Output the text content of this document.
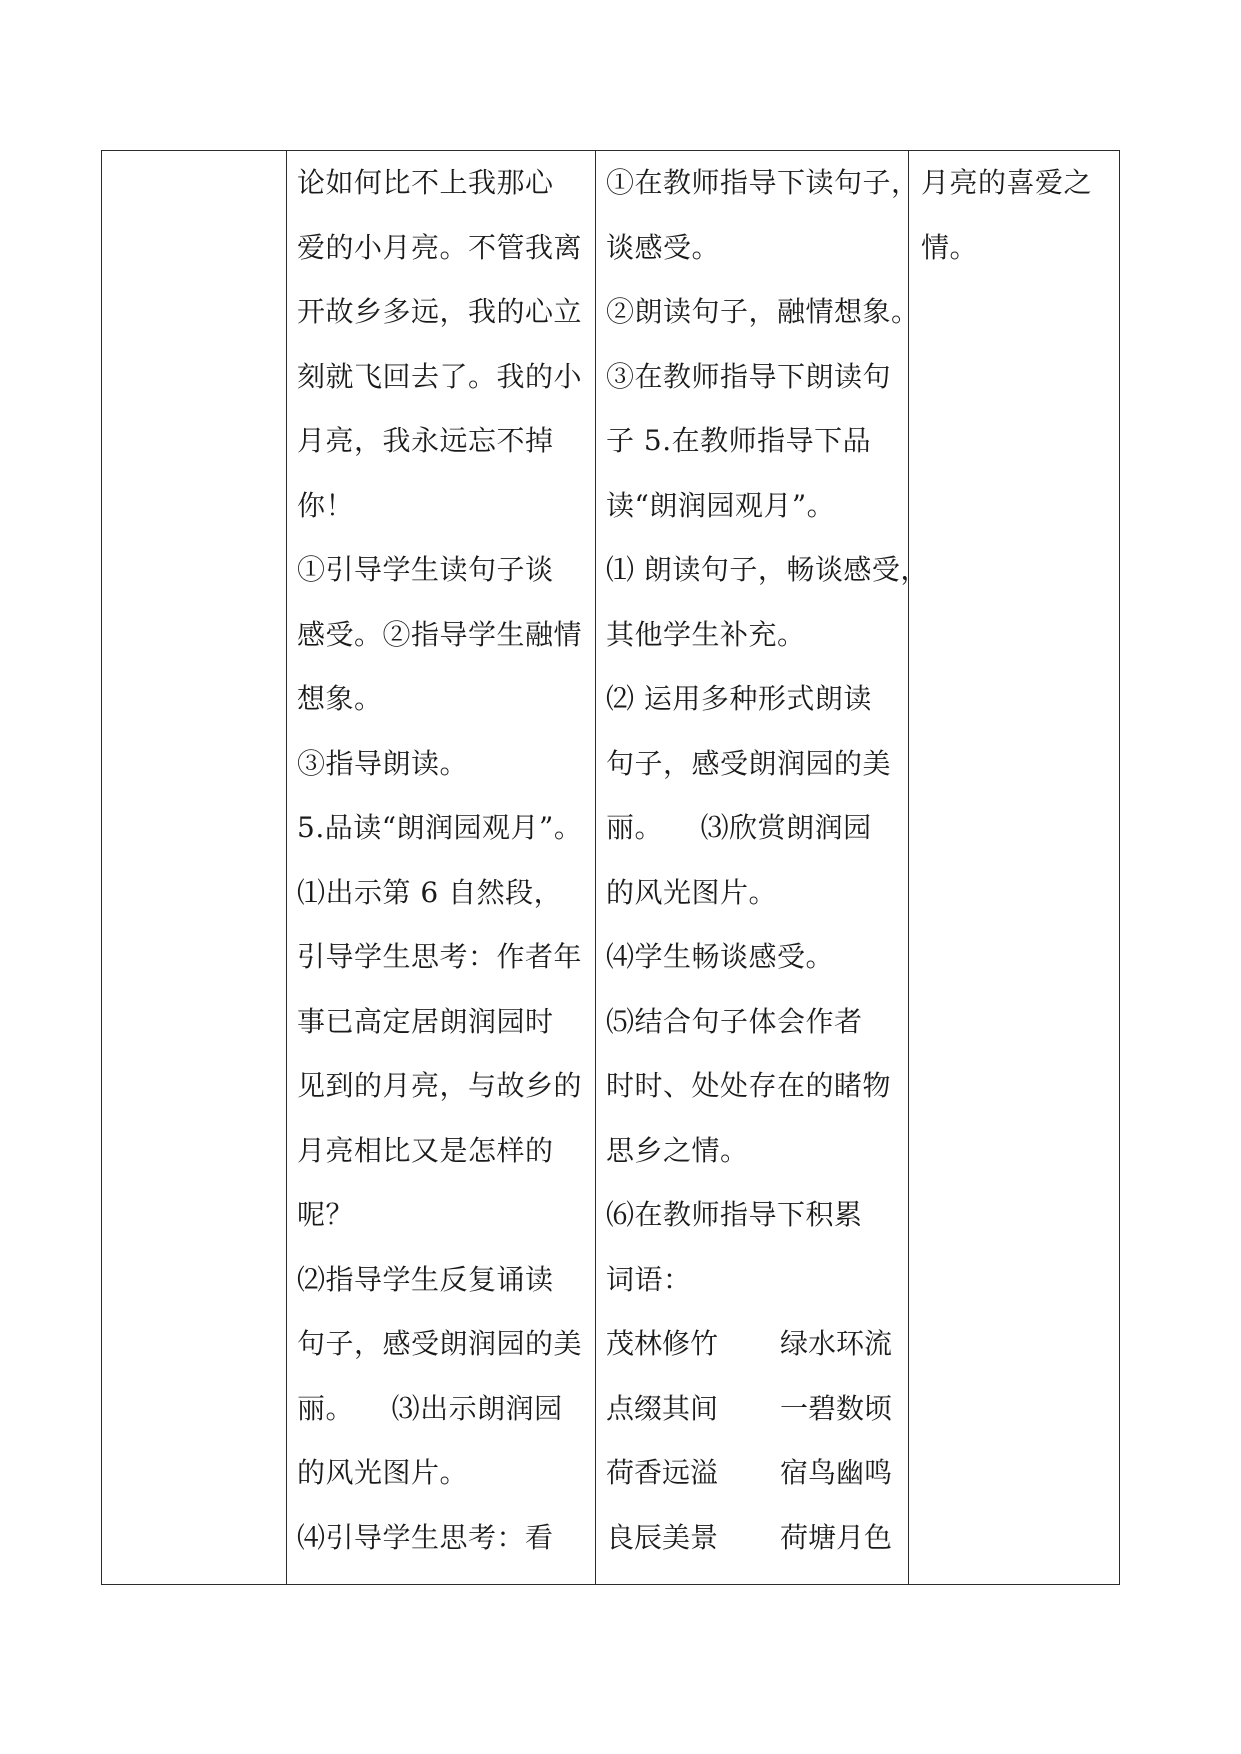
论如何比不上我那心
爱的小月亮。不管我离
开故乡多远，我的心立
刻就飞回去了。我的小
月亮，我永远忘不掉
你！
①引导学生读句子谈
感受。②指导学生融情
想象。
③指导朗读。
5.品读“朗润园观月”。
⑴出示第 6 自然段，
引导学生思考：作者年
事已高定居朗润园时
见到的月亮，与故乡的
月亮相比又是怎样的
呢？
⑵指导学生反复诵读
句子，感受朗润园的美
丽。    ⑶出示朗润园
的风光图片。
⑷引导学生思考：看

①在教师指导下读句子，
谈感受。
②朗读句子，融情想象。
③在教师指导下朗读句
子 5.在教师指导下品
读“朗润园观月”。
⑴ 朗读句子，畅谈感受，
其他学生补充。
⑵ 运用多种形式朗读
句子，感受朗润园的美
丽。    ⑶欣赏朗润园
的风光图片。
⑷学生畅谈感受。
⑸结合句子体会作者
时时、处处存在的睹物
思乡之情。
⑹在教师指导下积累
词语：
茂林修竹	绿水环流
点缀其间	一碧数顷
荷香远溢	宿鸟幽鸣
良辰美景	荷塘月色

月亮的喜爱之
情。
